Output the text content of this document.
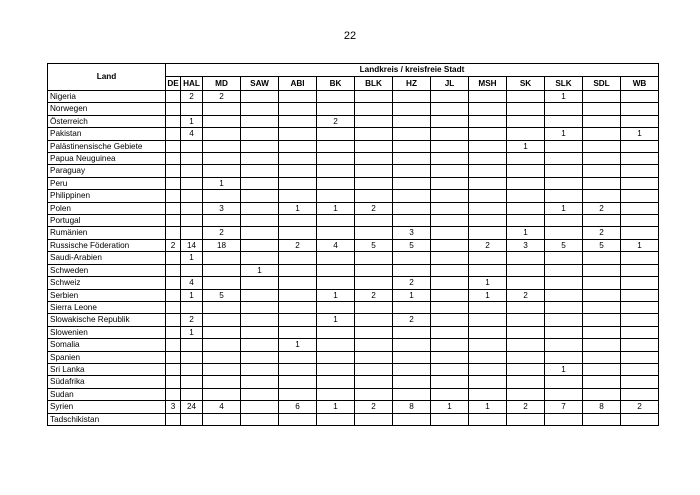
22
Land	Landkreis / kreisfreie Stadt													
	DE	HAL	MD	SAW	ABI	BK	BLK	HZ	JL	MSH	SK	SLK	SDL	WB
Nigeria		2	2									1		
Norwegen														
Österreich		1				2								
Pakistan		4										1		1
Palästinensische Gebiete											1			
Papua Neuguinea														
Paraguay														
Peru			1											
Philippinen														
Polen			3		1	1	2					1	2	
Portugal														
Rumänien			2					3			1		2	
Russische Föderation	2	14	18		2	4	5	5		2	3	5	5	1
Saudi-Arabien		1												
Schweden				1										
Schweiz		4						2		1				
Serbien		1	5			1	2	1		1	2			
Sierra Leone														
Slowakische Republik		2				1		2						
Slowenien		1												
Somalia					1									
Spanien														
Sri Lanka												1		
Südafrika														
Sudan														
Syrien	3	24	4		6	1	2	8	1	1	2	7	8	2
Tadschikistan														
